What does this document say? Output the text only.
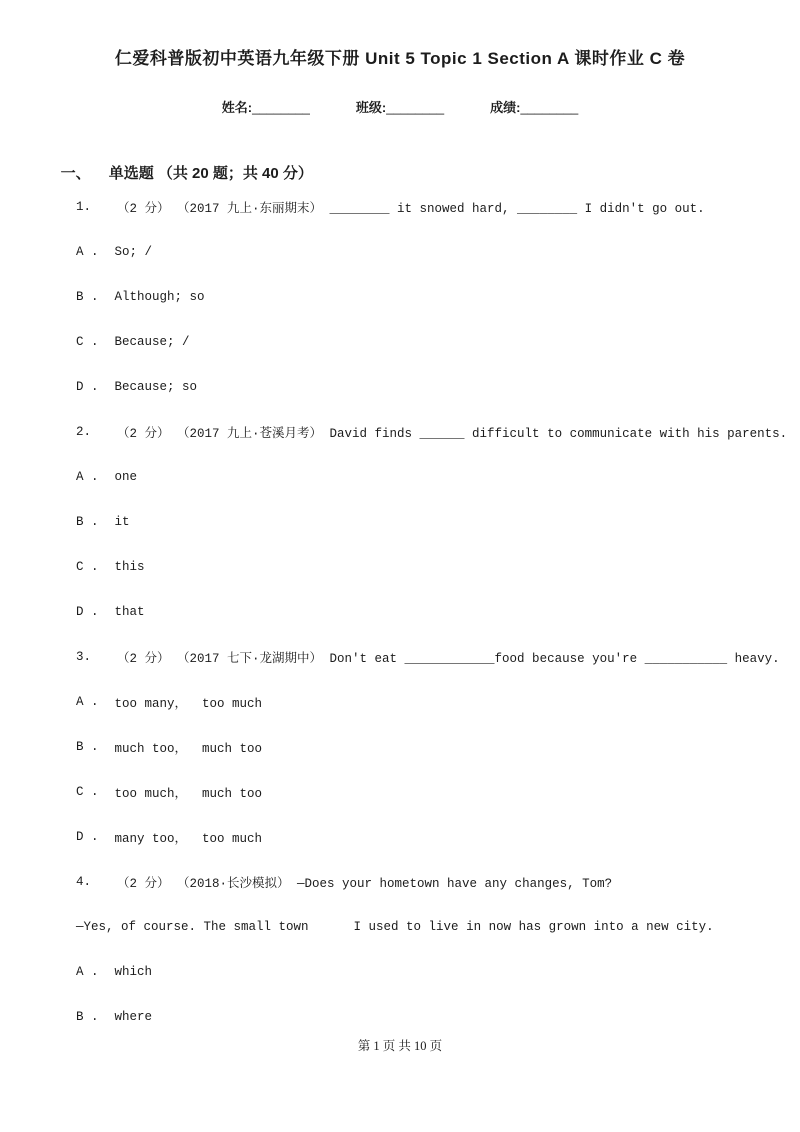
仁爱科普版初中英语九年级下册 Unit 5 Topic 1 Section A 课时作业 C 卷
姓名:________	班级:________	成绩:________

一、 单选题 （共 20 题；共 40 分）

1. （2 分） （2017 九上·东丽期末） ________ it snowed hard, ________ I didn't go out.
A . So; /
B . Although; so
C . Because; /
D . Because; so
2. （2 分） （2017 九上·苍溪月考） David finds ______ difficult to communicate with his parents.
A . one
B . it
C . this
D . that
3. （2 分） （2017 七下·龙湖期中） Don't eat ____________food because you're ___________ heavy.
A . too many，  too much
B . much too，  much too
C . too much，  much too
D . many too，  too much
4. （2 分） （2018·长沙模拟） —Does your hometown have any changes, Tom?
—Yes, of course. The small town      I used to live in now has grown into a new city.
A . which
B . where
第 1 页 共 10 页
